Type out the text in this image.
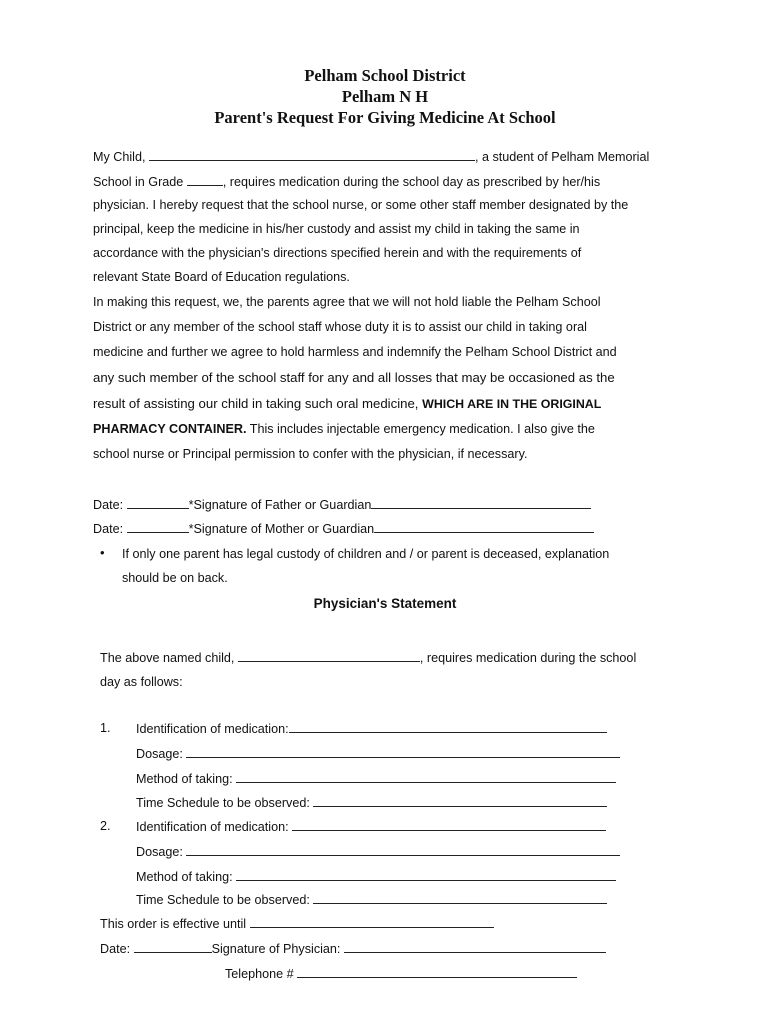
Pelham School District
Pelham N H
Parent's Request For Giving Medicine At School
My Child,	, a student of Pelham Memorial
School in Grade	, requires medication during the school day as prescribed by her/his
physician. I hereby request that the school nurse, or some other staff member designated by the
principal, keep the medicine in his/her custody and assist my child in taking the same in
accordance with the physician's directions specified herein and with the requirements of
relevant State Board of Education regulations.
In making this request, we, the parents agree that we will not hold liable the Pelham School
District or any member of the school staff whose duty it is to assist our child in taking oral
medicine and further we agree to hold harmless and indemnify the Pelham School District and
any such member of the school staff for any and all losses that may be occasioned as the
result of assisting our child in taking such oral medicine, WHICH ARE IN THE ORIGINAL
PHARMACY CONTAINER. This includes injectable emergency medication. I also give the
school nurse or Principal permission to confer with the physician, if necessary.
Date:	*Signature of Father or Guardian
Date:	*Signature of Mother or Guardian
• If only one parent has legal custody of children and / or parent is deceased, explanation
should be on back.
Physician's Statement
The above named child,	, requires medication during the school
day as follows:
1. Identification of medication:
Dosage:
Method of taking:
Time Schedule to be observed:
2. Identification of medication:
Dosage:
Method of taking:
Time Schedule to be observed:
This order is effective until
Date:	Signature of Physician:
Telephone #
